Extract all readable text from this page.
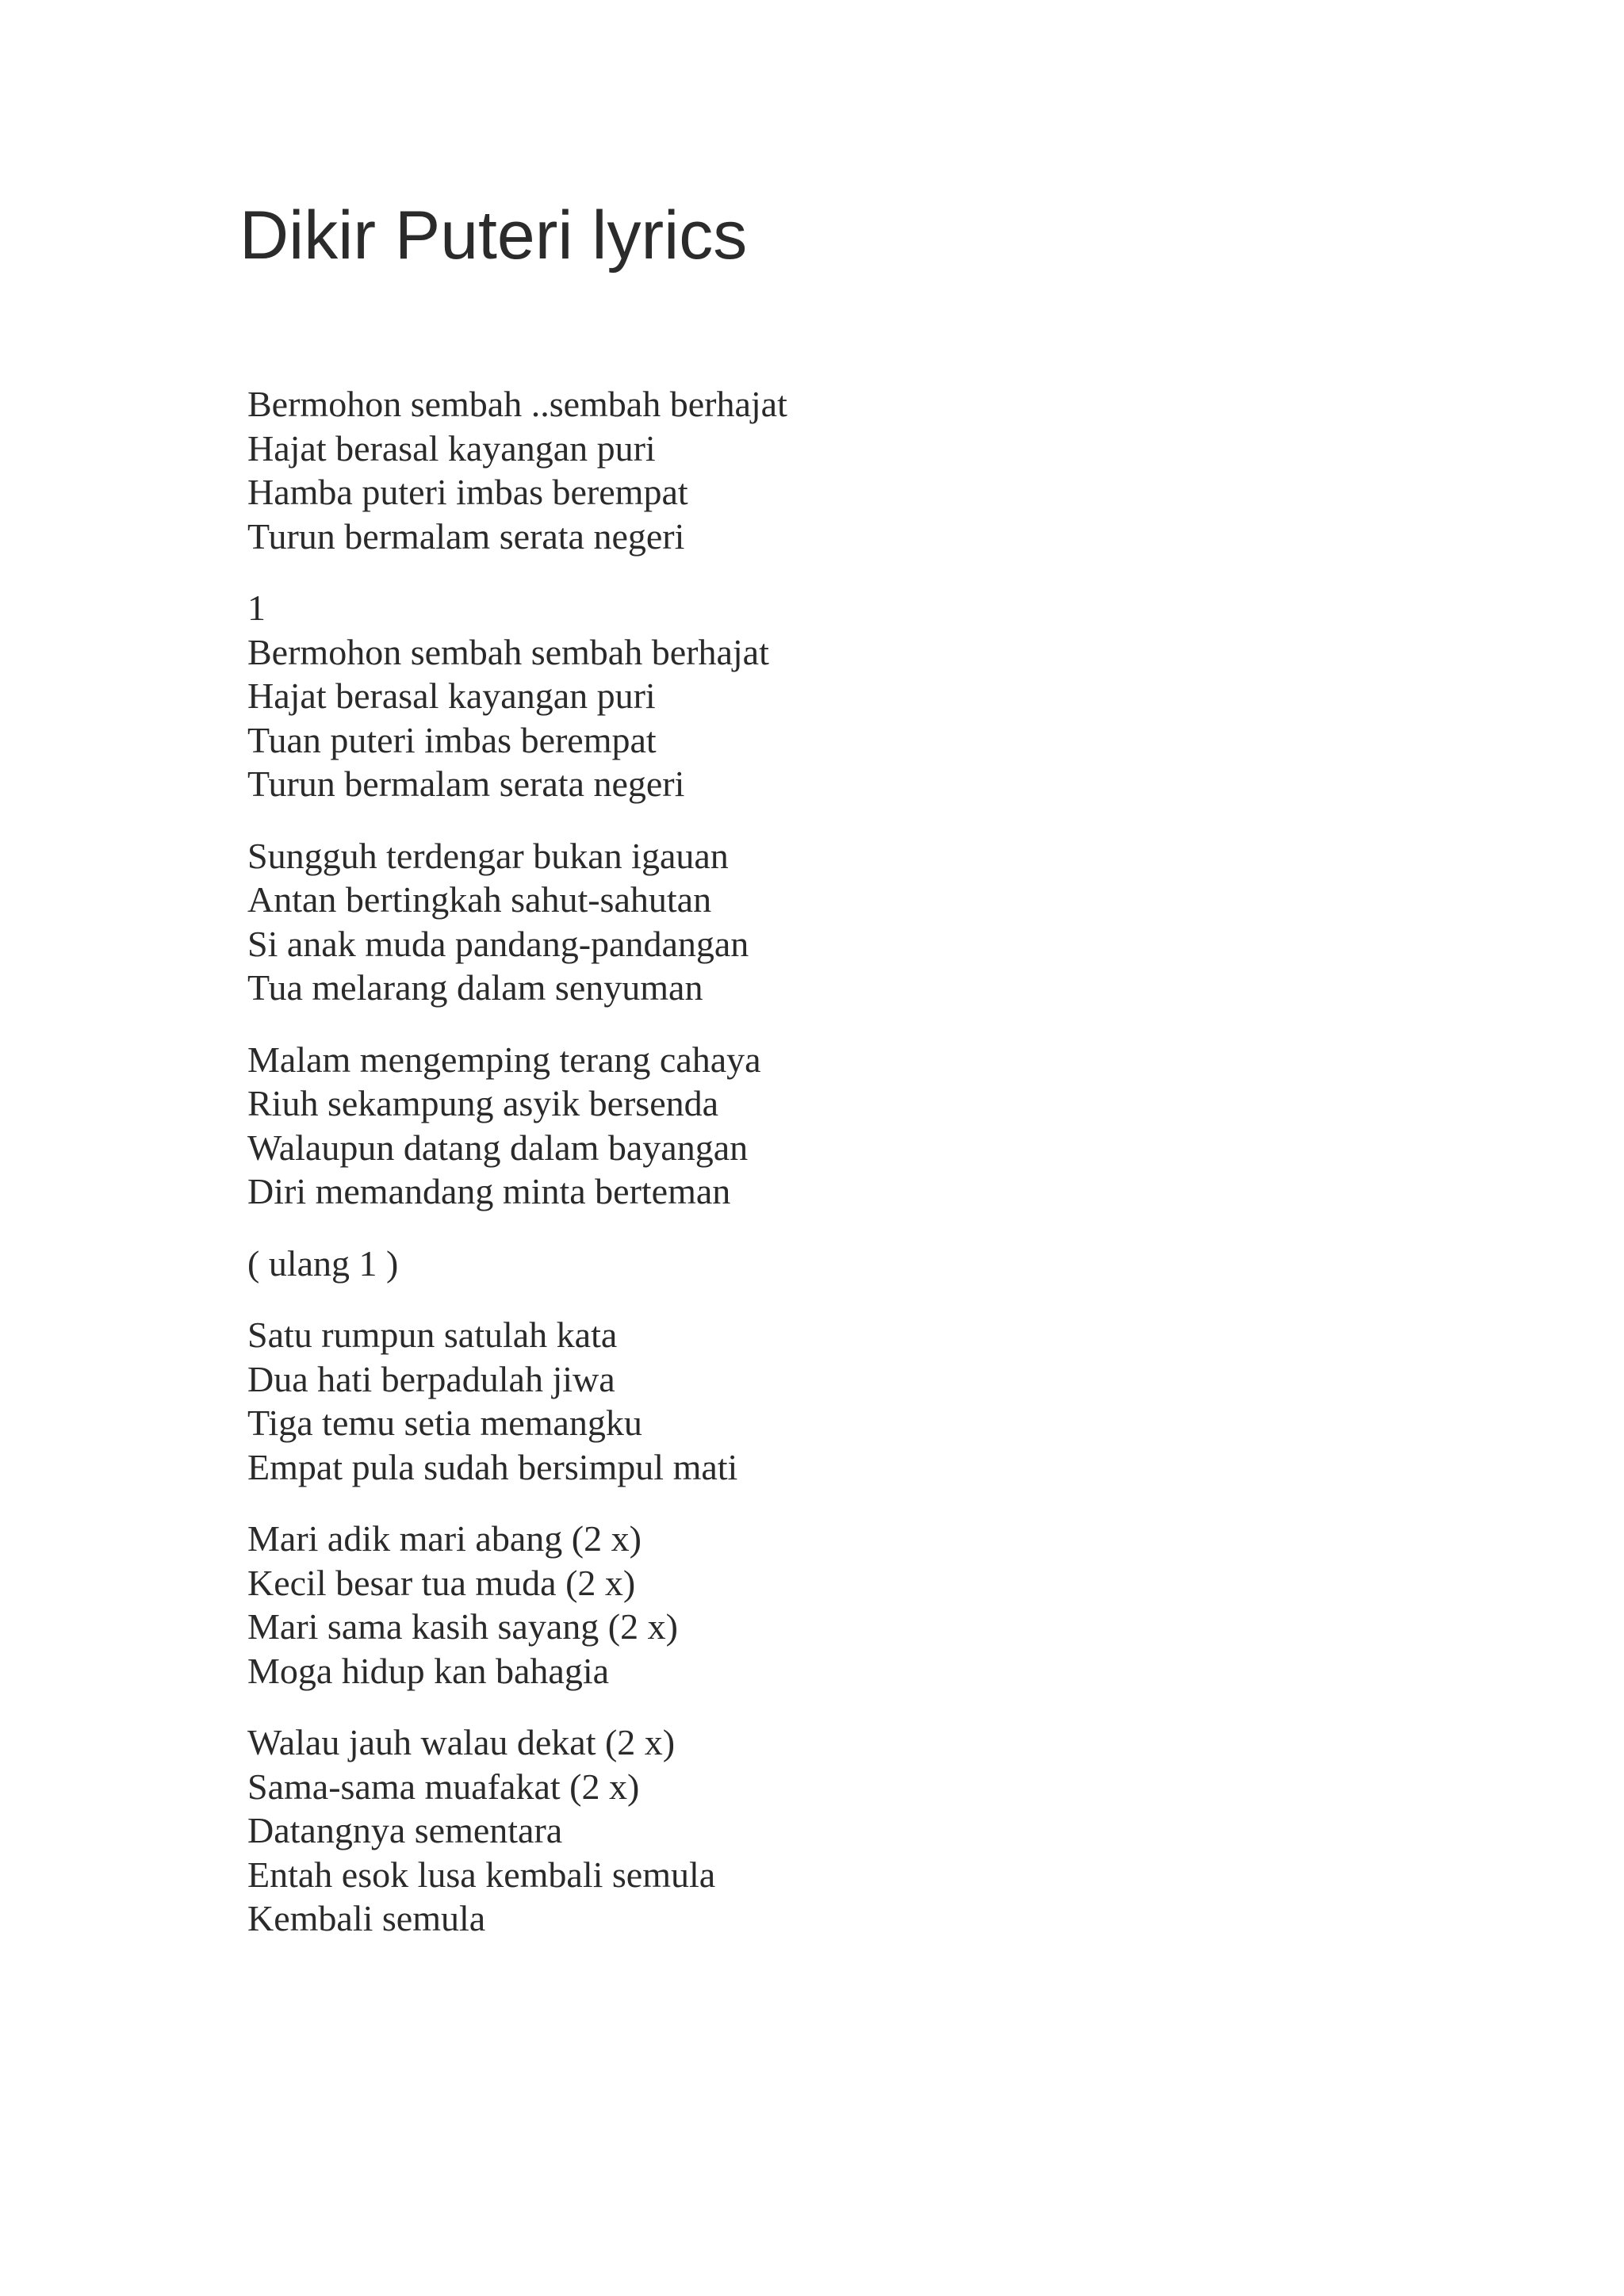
Dikir Puteri lyrics
Bermohon sembah ..sembah berhajat
Hajat berasal kayangan puri
Hamba puteri imbas berempat
Turun bermalam serata negeri
1
Bermohon sembah sembah berhajat
Hajat berasal kayangan puri
Tuan puteri imbas berempat
Turun bermalam serata negeri
Sungguh terdengar bukan igauan
Antan bertingkah sahut-sahutan
Si anak muda pandang-pandangan
Tua melarang dalam senyuman
Malam mengemping terang cahaya
Riuh sekampung asyik bersenda
Walaupun datang dalam bayangan
Diri memandang minta berteman
( ulang 1 )
Satu rumpun satulah kata
Dua hati berpadulah jiwa
Tiga temu setia memangku
Empat pula sudah bersimpul mati
Mari adik mari abang (2 x)
Kecil besar tua muda (2 x)
Mari sama kasih sayang (2 x)
Moga hidup kan bahagia
Walau jauh walau dekat (2 x)
Sama-sama muafakat (2 x)
Datangnya sementara
Entah esok lusa kembali semula
Kembali semula
